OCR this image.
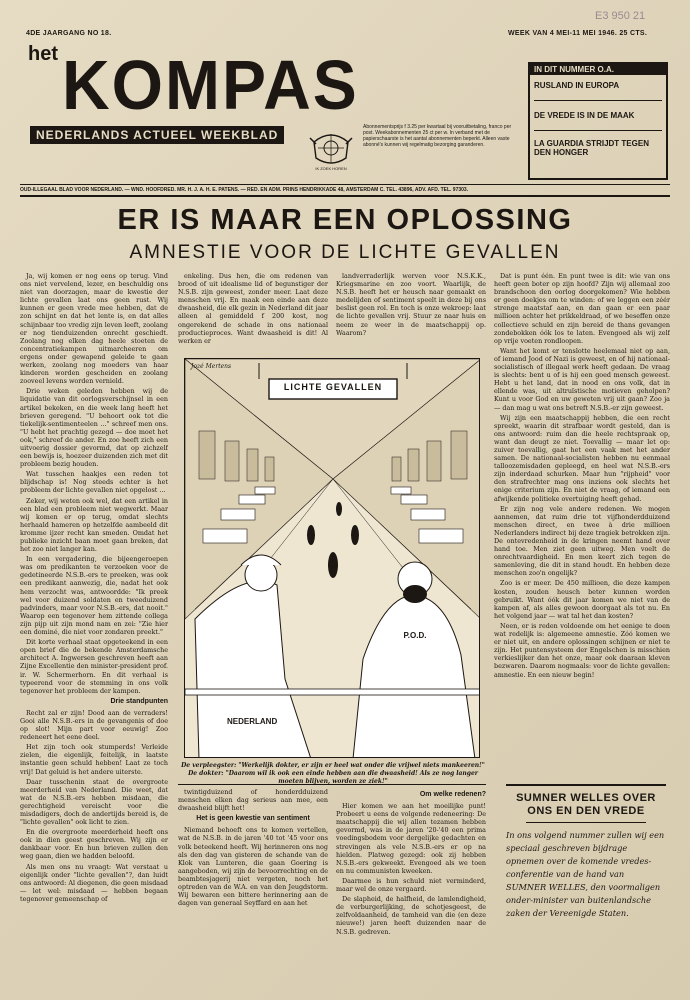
4DE JAARGANG NO 18.	WEEK VAN 4 MEI-11 MEI 1946. 25 CTS.
E3 950 21
het KOMPAS
NEDERLANDS ACTUEEL WEEKBLAD
IK ZOEK HOREN
Abonnementsprijs f 3.25 per kwartaal bij vooruitbetaling, franco per post. Weekabonnementen 25 ct per w. In verband met de papierschaarste is het aantal abonnementen beperkt. Alleen vaste abonné's kunnen wij regelmatig bezorging garanderen.
IN DIT NUMMER O.A.
RUSLAND IN EUROPA
DE VREDE IS IN DE MAAK
LA GUARDIA STRIJDT TEGEN DEN HONGER
OUD-ILLEGAAL BLAD VOOR NEDERLAND. — WND. HOOFDRED. MR. H. J. A. H. E. PATENS. — RED. EN ADM. PRINS HENDRIKKADE 48, AMSTERDAM C. TEL. 43896, ADV. AFD. TEL. 97303.
ER IS MAAR EEN OPLOSSING
AMNESTIE VOOR DE LICHTE GEVALLEN

Ja, wij komen er nog eens op terug. Vind ons niet vervelend, lezer, en beschuldig ons niet van doorzagen, maar de kwestie der lichte gevallen laat ons geen rust. Wij kunnen er geen vrede mee hebben, dat de zon schijnt en dat het lente is, en dat alles schijnbaar too vredig zijn leven leeft, zoolang er nog tienduizenden onrecht geschiedt. Zoolang nog elken dag heele stoeten de concentratiekampen uitmarcheeren om ergens onder gewapend geleide te gaan werken, zoolang nog moeders van haar kinderen worden gescheiden en zoolang zooveel levens worden vernield.

Drie weken geleden hebben wij de liquidatie van dit oorlogsverschijnsel in een artikel bekeken, en die week lang heeft het brieven geregend. "U behoort ook tot die tiekelijk-sentimenteelen ..." schreef men ons. "U hebt het prachtig gezegd — doe moet het ook," schreef de ander. En zoo heeft zich een uitvoerig dossier gevormd, dat op zichzelf een bewijs is, hoezeer duizenden zich met dit probleem bezig houden.

Wat tusschen haakjes een reden tot blijdschap is! Nog steeds echter is het probleem der lichte gevallen niet opgelost ...

Zeker, wij weten ook wel, dat een artikel in een blad een probleem niet wegwerkt. Maar wij komen er op terug, omdat slechts herhaald hameren op hetzelfde aambeeld dit kromme ijzer recht kan smeden. Omdat het publieke inzicht baan moet gaan breken, dat het zoo niet langer kan.

In een vergadering, die bijeengeroepen was om predikanten te verzoeken voor de gedetineerde N.S.B.-ers te preeken, was ook een predikant aanwezig, die, nadat het ook hem verzocht was, antwoordde: "Ik preek wel voor duizend soldaten en tweeduizend padvinders, maar voor N.S.B.-ers, dat nooit." Waarop een tegenover hem zittende collega zijn pijp uit zijn mond nam en zei: "Zie hier een dominé, die niet voor zondaren preekt."

Dit korte verhaal staat opgeteekend in een open brief die de bekende Amsterdamsche architect A. Ingwersen geschreven heeft aan Zijne Excellentie den minister-president prof. ir. W. Schermerhorn. En dit verhaal is typeerend voor de stemming in ons volk tegenover het probleem der kampen.

Drie standpunten

Recht zal er zijn! Dood aan de verraders! Gooi alle N.S.B.-ers in de gevangenis of doe op slot! Mijn part voor eeuwig! Zoo redeneert het eene deel.

Het zijn toch ook stumperds! Verleide zielen, die eigenlijk, feitelijk, in laatste instantie geen schuld hebben! Laat ze toch vrij! Dat geluid is het andere uiterste.

Daar tusschenin staat de overgroote meerderheid van Nederland. Die weet, dat wat de N.S.B.-ers hebben misdaan, die gerechtigheid vereischt voor die misdadigers, doch de andertijds bereid is, de "lichte gevallen" ook licht te zien.

En die overgroote meerderheid heeft ons ook in dien geest geschreven. Wij zijn er dankbaar voor. En hun brieven zullen den weg gaan, dien we hadden beloofd.

Als men ons nu vraagt: Wat verstaat u eigenlijk onder "lichte gevallen"?, dan luidt ons antwoord: Al diegenen, die geen misdaad — let wel: misdaad — hebben begaan tegenover gemeenschap of

enkeling. Dus hen, die om redenen van brood of uit idealisme lid of begunstiger der N.S.B. zijn geweest, zonder meer. Laat deze menschen vrij. En maak een einde aan deze dwaasheid, die elk gezin in Nederland dit jaar alleen al gemiddeld f 200 kost, nog ongerekend de schade in ons nationaal productieproces. Want dwaasheid is dit! Al werken er

landverraderlijk werven voor N.S.K.K., Kriegsmarine en zoo voort. Waarlijk, de N.S.B. heeft het er heusch naar gemaakt en medelijden of sentiment speelt in deze bij ons beslist geen rol. En toch is onze wekroep: laat de lichte gevallen vrij. Stuur ze naar huis en neem ze weer in de maatschappij op. Waarom?

Dat is punt één. En punt twee is dit: wie van ons heeft geen boter op zijn hoofd? Zijn wij allemaal zoo brandschoon den oorlog doorgekomen? Wie hebben er geen doekjes om te winden: of we leggen een zéér strenge maatstaf aan, en dan gaan er een paar millioen achter het prikkeldraad, of we beseffen onze collectieve schuld en zijn bereid de thans gevangen zondebokken óók los te laten. Evengoed als wij zelf op vrije voeten rondloopen.

Want het komt er tenslotte heelemaal niet op aan, of iemand Jood of Nazi is geweest, en of hij nationaal-socialistisch of illegaal werk heeft gedaan. De vraag is slechts: bent u of is hij een goed mensch geweest. Hebt u het land, dat in nood en ons volk, dat in ellende was, uit altruïstische motieven geholpen? Kunt u voor God en uw geweten vrij uit gaan? Zoo ja — dan mag u wat ons betreft N.S.B.-er zijn geweest.

Wij zijn een maatschappij hebben, die een recht spreekt, waarin dit strafbaar wordt gesteld, dan is ons antwoord: ruim dan die heele rechtspraak op, want dan deugt ze niet. Toevallig — maar let op: zuiver toevallig, gaat het een vaak met het ander samen. De nationaal-socialisten hebben nu eenmaal talloozemisdaden gepleegd, en heel wat N.S.B.-ers zijn inderdaad schurken. Maar hun "rijpheid" voor den strafrechter mag ons inziens ook slechts het enige criterium zijn. En niet de vraag, of iemand een afwijkende politieke overtuiging heeft gehad.

Er zijn nog vele andere redenen. We mogen aannemen, dat ruim drie tot vijfhonderdduizend menschen direct, en twee à drie millioen Nederlanders indirect bij deze tragiek betrokken zijn. De ontevredenheid in de kringen neemt hand over hand toe. Men ziet geen uitweg. Men voelt de onrechtvaardigheid. En men keert zich tegen de samenleving, die dit in stand houdt. En hebben deze menschen zoo'n ongelijk?

Zoo is er meer. De 450 millioen, die deze kampen kosten, zouden heusch beter kunnen worden gebruikt. Want óók dit jaar komen we niet van de kampen af, als alles gewoon doorgaat als tot nu. En het volgend jaar — wat tal het dan kosten?

Neen, er is reden voldoende om het eenige te doen wat redelijk is: algemeene amnestie. Zóó komen we er niet uit, en andere oplossingen schijnen er niet te zijn. Het puntensysteem der Engelschen is misschien verkieslijker dan het onze, maar ook daaraan kleven bezwaren. Daarom nogmaals: voor de lichte gevallen: amnestie. En een nieuw begin!

Jozé Mertens
LICHTE GEVALLEN
NEDERLAND
P.O.D.
De verpleegster: "Werkelijk dokter, er zijn er heel wat onder die vrijwel niets mankeeren!" De dokter: "Daarom wil ik ook een einde hebben aan die dwaasheid! Als ze nog langer moeten blijven, worden ze ziek!"

twintigduizend of honderdduizend menschen elken dag serieus aan mee, een dwaasheid blijft het!

Het is geen kwestie van sentiment

Niemand behoeft ons te komen vertellen, wat de N.S.B. in de jaren '40 tot '45 voor ons volk beteekend heeft. Wij herinneren ons nog als den dag van gisteren de schande van de Klok van Lunteren, die gaan Goering is aangeboden, wij zijn de bevoorrechting en de beambtesjagerij niet vergeten, noch het optreden van de W.A. en van den Jeugdstorm. Wij bewaren een bittere herinnering aan de dagen van generaal Seyffard en aan het

Om welke redenen?

Hier komen we aan het moeilijke punt! Probeert u eens de volgende redeneering: De maatschappij die wij allen tezamen hebben gevormd, was in de jaren '20-'40 een prima voedingsbodem voor dergelijke gedachten en strevingen als vele N.S.B.-ers er op na hielden. Platweg gezegd: ook zij hebben N.S.B.-ers gekweekt. Evengoed als we toen en nu communisten kweeken.

Daarmee is hun schuld niet verminderd, maar wel de onze vergaard.

De slapheid, de halfheid, de lamlendigheid, de verburgerlijking, de schotjesgeest, de zelfvoldaanheid, de tamheid van die (en deze nieuwe!) jaren heeft duizenden naar de N.S.B. gedreven.

SUMNER WELLES OVER
ONS EN DEN VREDE

In ons volgend nummer zullen wij een speciaal geschreven bijdrage opnemen over de komende vredes-conferentie van de hand van SUMNER WELLES, den voormaligen onder-minister van buitenlandsche zaken der Vereenigde Staten.
